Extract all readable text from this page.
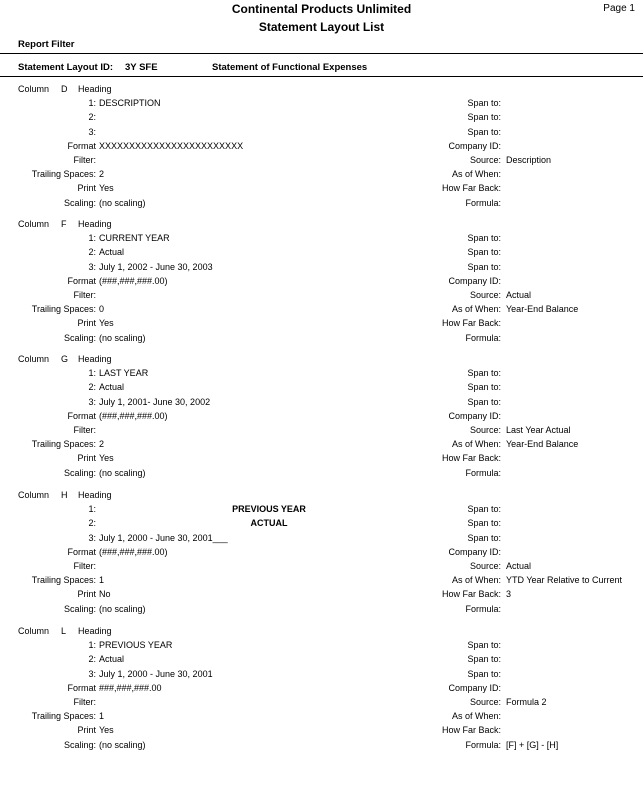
Continental Products Unlimited	Page 1
Statement Layout List
Report Filter
Statement Layout ID: 3Y SFE	Statement of Functional Expenses
Column D Heading
1: DESCRIPTION
2:
3:
Format XXXXXXXXXXXXXXXXXXXXXXXX
Filter:
Trailing Spaces: 2
Print Yes
Scaling: (no scaling)
Span to:
Span to:
Span to:
Company ID:
Source: Description
As of When:
How Far Back:
Formula:
Column F Heading
1: CURRENT YEAR
2: Actual
3: July 1, 2002 - June 30, 2003
Format (###,###,###.00)
Filter:
Trailing Spaces: 0
Print Yes
Scaling: (no scaling)
Span to:
Span to:
Span to:
Company ID:
Source: Actual
As of When: Year-End Balance
How Far Back:
Formula:
Column G Heading
1: LAST YEAR
2: Actual
3: July 1, 2001- June 30, 2002
Format (###,###,###.00)
Filter:
Trailing Spaces: 2
Print Yes
Scaling: (no scaling)
Span to:
Span to:
Span to:
Company ID:
Source: Last Year Actual
As of When: Year-End Balance
How Far Back:
Formula:
Column H Heading
1:
2:
3: July 1, 2000 - June 30, 2001___
PREVIOUS YEAR
ACTUAL
Format (###,###,###.00)
Filter:
Trailing Spaces: 1
Print No
Scaling: (no scaling)
Span to:
Span to:
Span to:
Company ID:
Source: Actual
As of When: YTD Year Relative to Current
How Far Back: 3
Formula:
Column L Heading
1: PREVIOUS YEAR
2: Actual
3: July 1, 2000 - June 30, 2001
Format ###,###,###.00
Filter:
Trailing Spaces: 1
Print Yes
Scaling: (no scaling)
Span to:
Span to:
Span to:
Company ID:
Source: Formula 2
As of When:
How Far Back:
Formula: [F] + [G] - [H]
